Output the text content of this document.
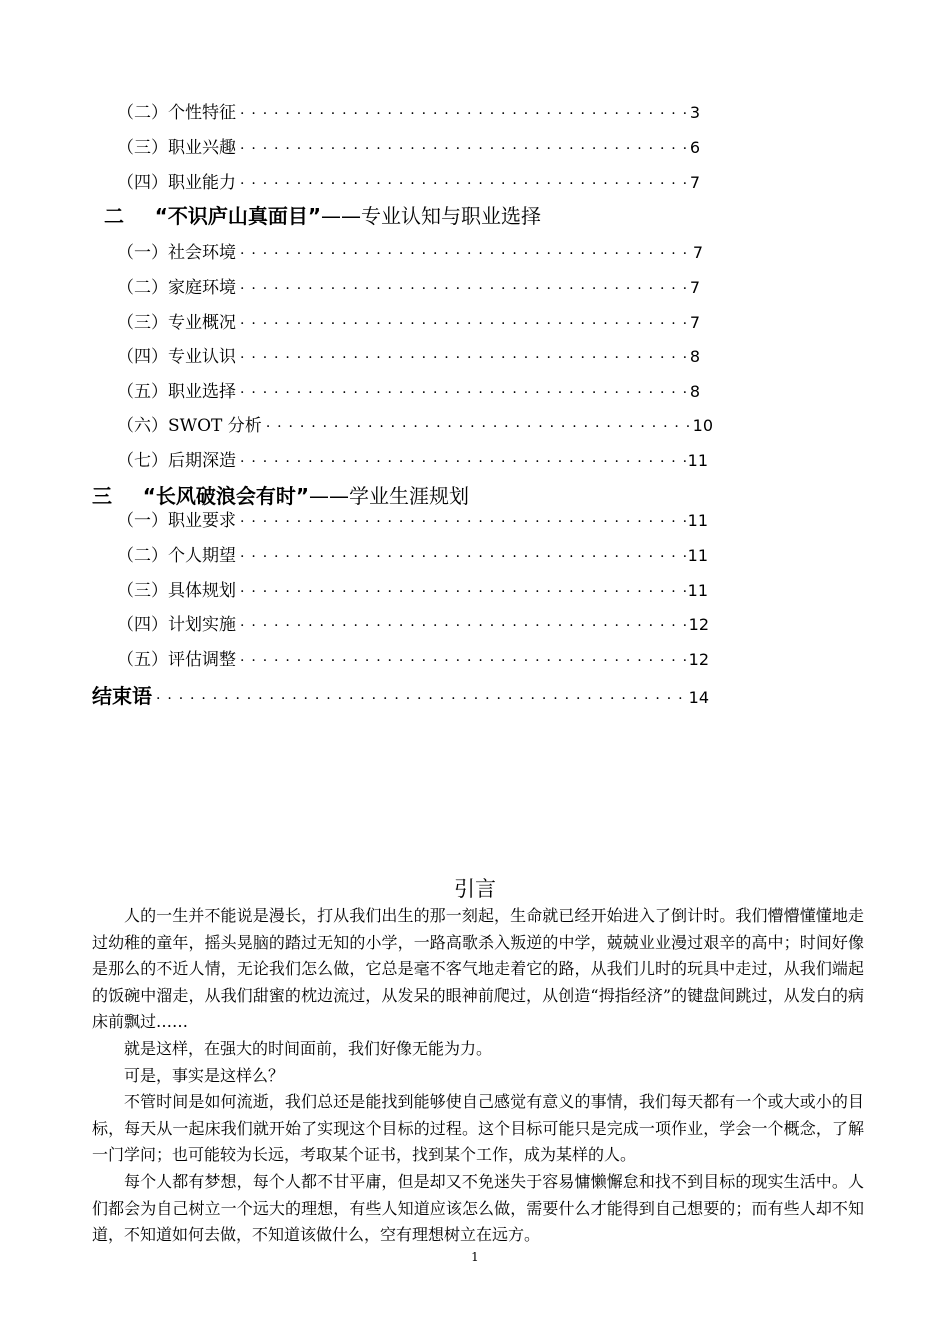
（二）个性特征 ·····	3
（三）职业兴趣 ·····	6
（四）职业能力 ·····	7
二 “不识庐山真面目”——专业认知与职业选择
（一）社会环境 ·····	7
（二）家庭环境 ·····	7
（三）专业概况 ·····	7
（四）专业认识 ·····	8
（五）职业选择 ·····	8
（六）SWOT 分析 ·····	10
（七）后期深造 ·····	11
三 “长风破浪会有时”——学业生涯规划
（一）职业要求 ·····	11
（二）个人期望 ·····	11
（三）具体规划 ·····	11
（四）计划实施 ·····	12
（五）评估调整 ·····	12
结束语 ·····	14
引言

人的一生并不能说是漫长，打从我们出生的那一刻起，生命就已经开始进入了倒计时。我们懵懵懂懂地走过幼稚的童年，摇头晃脑的踏过无知的小学，一路高歌杀入叛逆的中学，兢兢业业漫过艰辛的高中；时间好像是那么的不近人情，无论我们怎么做，它总是毫不客气地走着它的路，从我们儿时的玩具中走过，从我们端起的饭碗中溜走，从我们甜蜜的枕边流过，从发呆的眼神前爬过，从创造“拇指经济”的键盘间跳过，从发白的病床前飘过……

就是这样，在强大的时间面前，我们好像无能为力。

可是，事实是这样么？

不管时间是如何流逝，我们总还是能找到能够使自己感觉有意义的事情，我们每天都有一个或大或小的目标，每天从一起床我们就开始了实现这个目标的过程。这个目标可能只是完成一项作业，学会一个概念，了解一门学问；也可能较为长远，考取某个证书，找到某个工作，成为某样的人。

每个人都有梦想，每个人都不甘平庸，但是却又不免迷失于容易慵懒懈怠和找不到目标的现实生活中。人们都会为自己树立一个远大的理想，有些人知道应该怎么做，需要什么才能得到自己想要的；而有些人却不知道，不知道如何去做，不知道该做什么，空有理想树立在远方。

1
